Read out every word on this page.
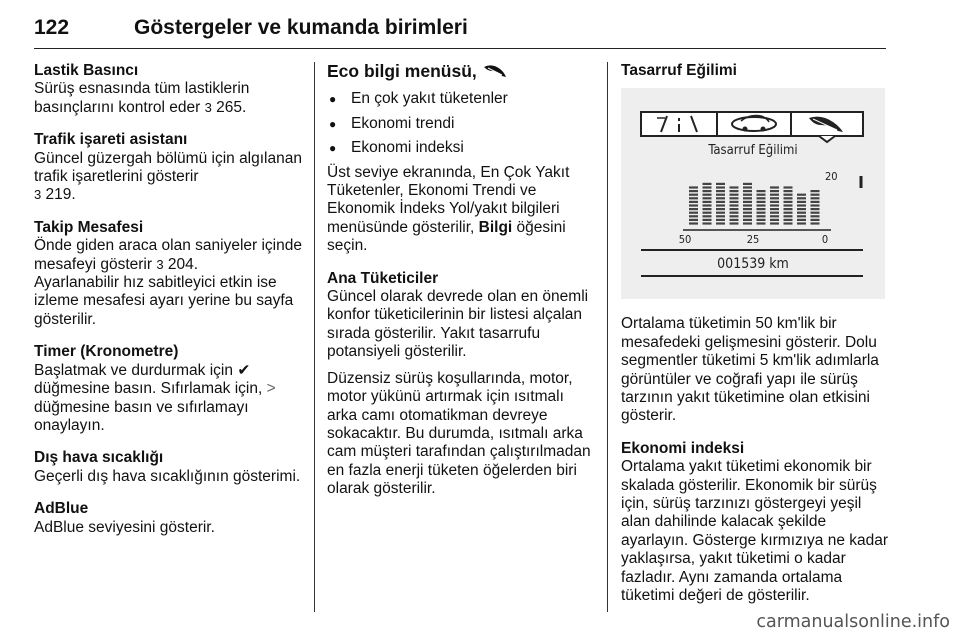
122	Göstergeler ve kumanda birimleri
Lastik Basıncı

Sürüş esnasında tüm lastiklerin basınçlarını kontrol eder 3 265.

Trafik işareti asistanı

Güncel güzergah bölümü için algılanan trafik işaretlerini gösterir
3 219.

Takip Mesafesi

Önde giden araca olan saniyeler içinde mesafeyi gösterir 3 204.

Ayarlanabilir hız sabitleyici etkin ise izleme mesafesi ayarı yerine bu sayfa gösterilir.

Timer (Kronometre)

Başlatmak ve durdurmak için ✔
düğmesine basın. Sıfırlamak için, >
düğmesine basın ve sıfırlamayı onaylayın.

Dış hava sıcaklığı

Geçerli dış hava sıcaklığının gösterimi.

AdBlue

AdBlue seviyesini gösterir.

Eco bilgi menüsü,
● En çok yakıt tüketenler
● Ekonomi trendi
● Ekonomi indeksi

Üst seviye ekranında, En Çok Yakıt Tüketenler, Ekonomi Trendi ve Ekonomik İndeks Yol/yakıt bilgileri menüsünde gösterilir, Bilgi öğesini seçin.

Ana Tüketiciler

Güncel olarak devrede olan en önemli konfor tüketicilerinin bir listesi alçalan sırada gösterilir. Yakıt tasarrufu potansiyeli gösterilir.

Düzensiz sürüş koşullarında, motor, motor yükünü artırmak için ısıtmalı arka camı otomatikman devreye sokacaktır. Bu durumda, ısıtmalı arka cam müşteri tarafından çalıştırılmadan en fazla enerji tüketen öğelerden biri olarak gösterilir.

Tasarruf Eğilimi
Tasarruf Eğilimi
20
50	25	0
001539 km

Ortalama tüketimin 50 km'lik bir mesafedeki gelişmesini gösterir. Dolu segmentler tüketimi 5 km'lik adımlarla görüntüler ve coğrafi yapı ile sürüş tarzının yakıt tüketimine olan etkisini gösterir.

Ekonomi indeksi

Ortalama yakıt tüketimi ekonomik bir skalada gösterilir. Ekonomik bir sürüş için, sürüş tarzınızı göstergeyi yeşil alan dahilinde kalacak şekilde ayarlayın. Gösterge kırmızıya ne kadar yaklaşırsa, yakıt tüketimi o kadar fazladır. Aynı zamanda ortalama tüketimi değeri de gösterilir.

carmanualsonline.info
